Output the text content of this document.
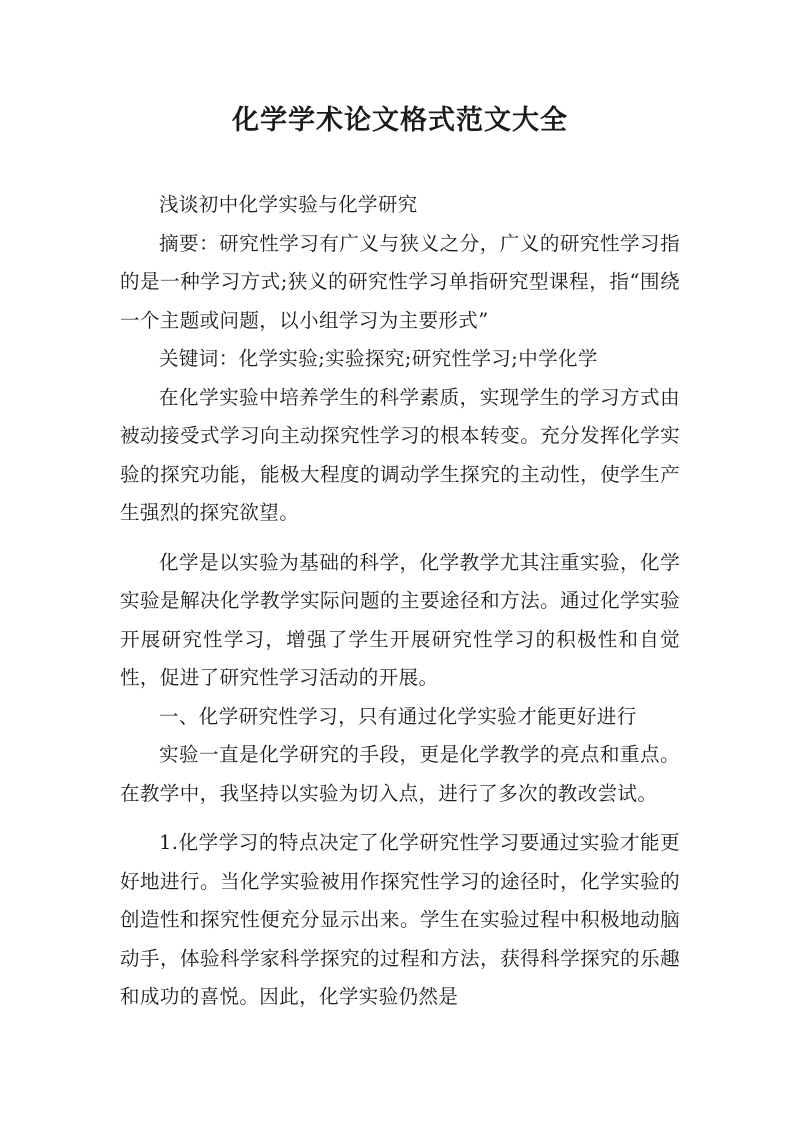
化学学术论文格式范文大全

浅谈初中化学实验与化学研究

摘要：研究性学习有广义与狭义之分，广义的研究性学习指的是一种学习方式;狭义的研究性学习单指研究型课程，指“围绕一个主题或问题，以小组学习为主要形式”

关键词：化学实验;实验探究;研究性学习;中学化学

在化学实验中培养学生的科学素质，实现学生的学习方式由被动接受式学习向主动探究性学习的根本转变。充分发挥化学实验的探究功能，能极大程度的调动学生探究的主动性，使学生产生强烈的探究欲望。

化学是以实验为基础的科学，化学教学尤其注重实验，化学实验是解决化学教学实际问题的主要途径和方法。通过化学实验开展研究性学习，增强了学生开展研究性学习的积极性和自觉性，促进了研究性学习活动的开展。

一、化学研究性学习，只有通过化学实验才能更好进行

实验一直是化学研究的手段，更是化学教学的亮点和重点。在教学中，我坚持以实验为切入点，进行了多次的教改尝试。

1.化学学习的特点决定了化学研究性学习要通过实验才能更好地进行。当化学实验被用作探究性学习的途径时，化学实验的创造性和探究性便充分显示出来。学生在实验过程中积极地动脑动手，体验科学家科学探究的过程和方法，获得科学探究的乐趣和成功的喜悦。因此，化学实验仍然是
